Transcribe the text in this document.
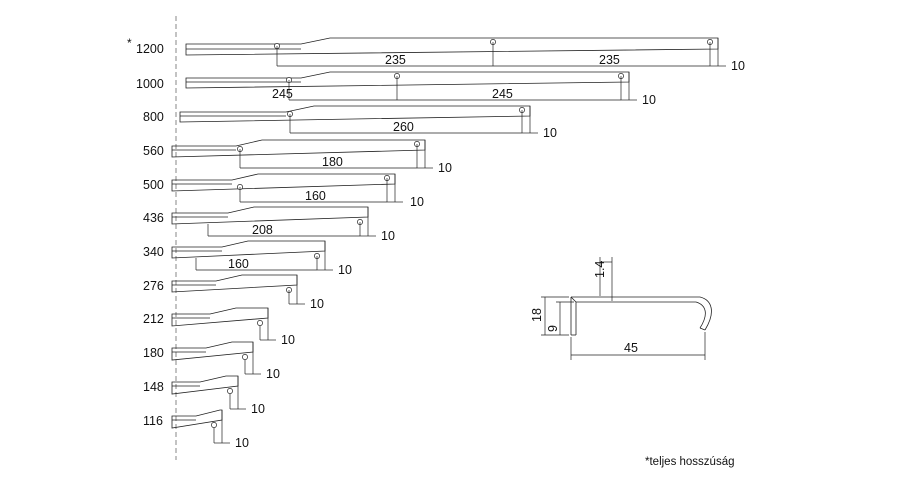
235	235	10
245	245	10
260	10
180	10
160	10
208	10
160	10
10
10
10
10
10
1.4
18
9
45
* 1200
1000
800
560
500
436
340
276
212
180
148
116
*teljes hosszúság
